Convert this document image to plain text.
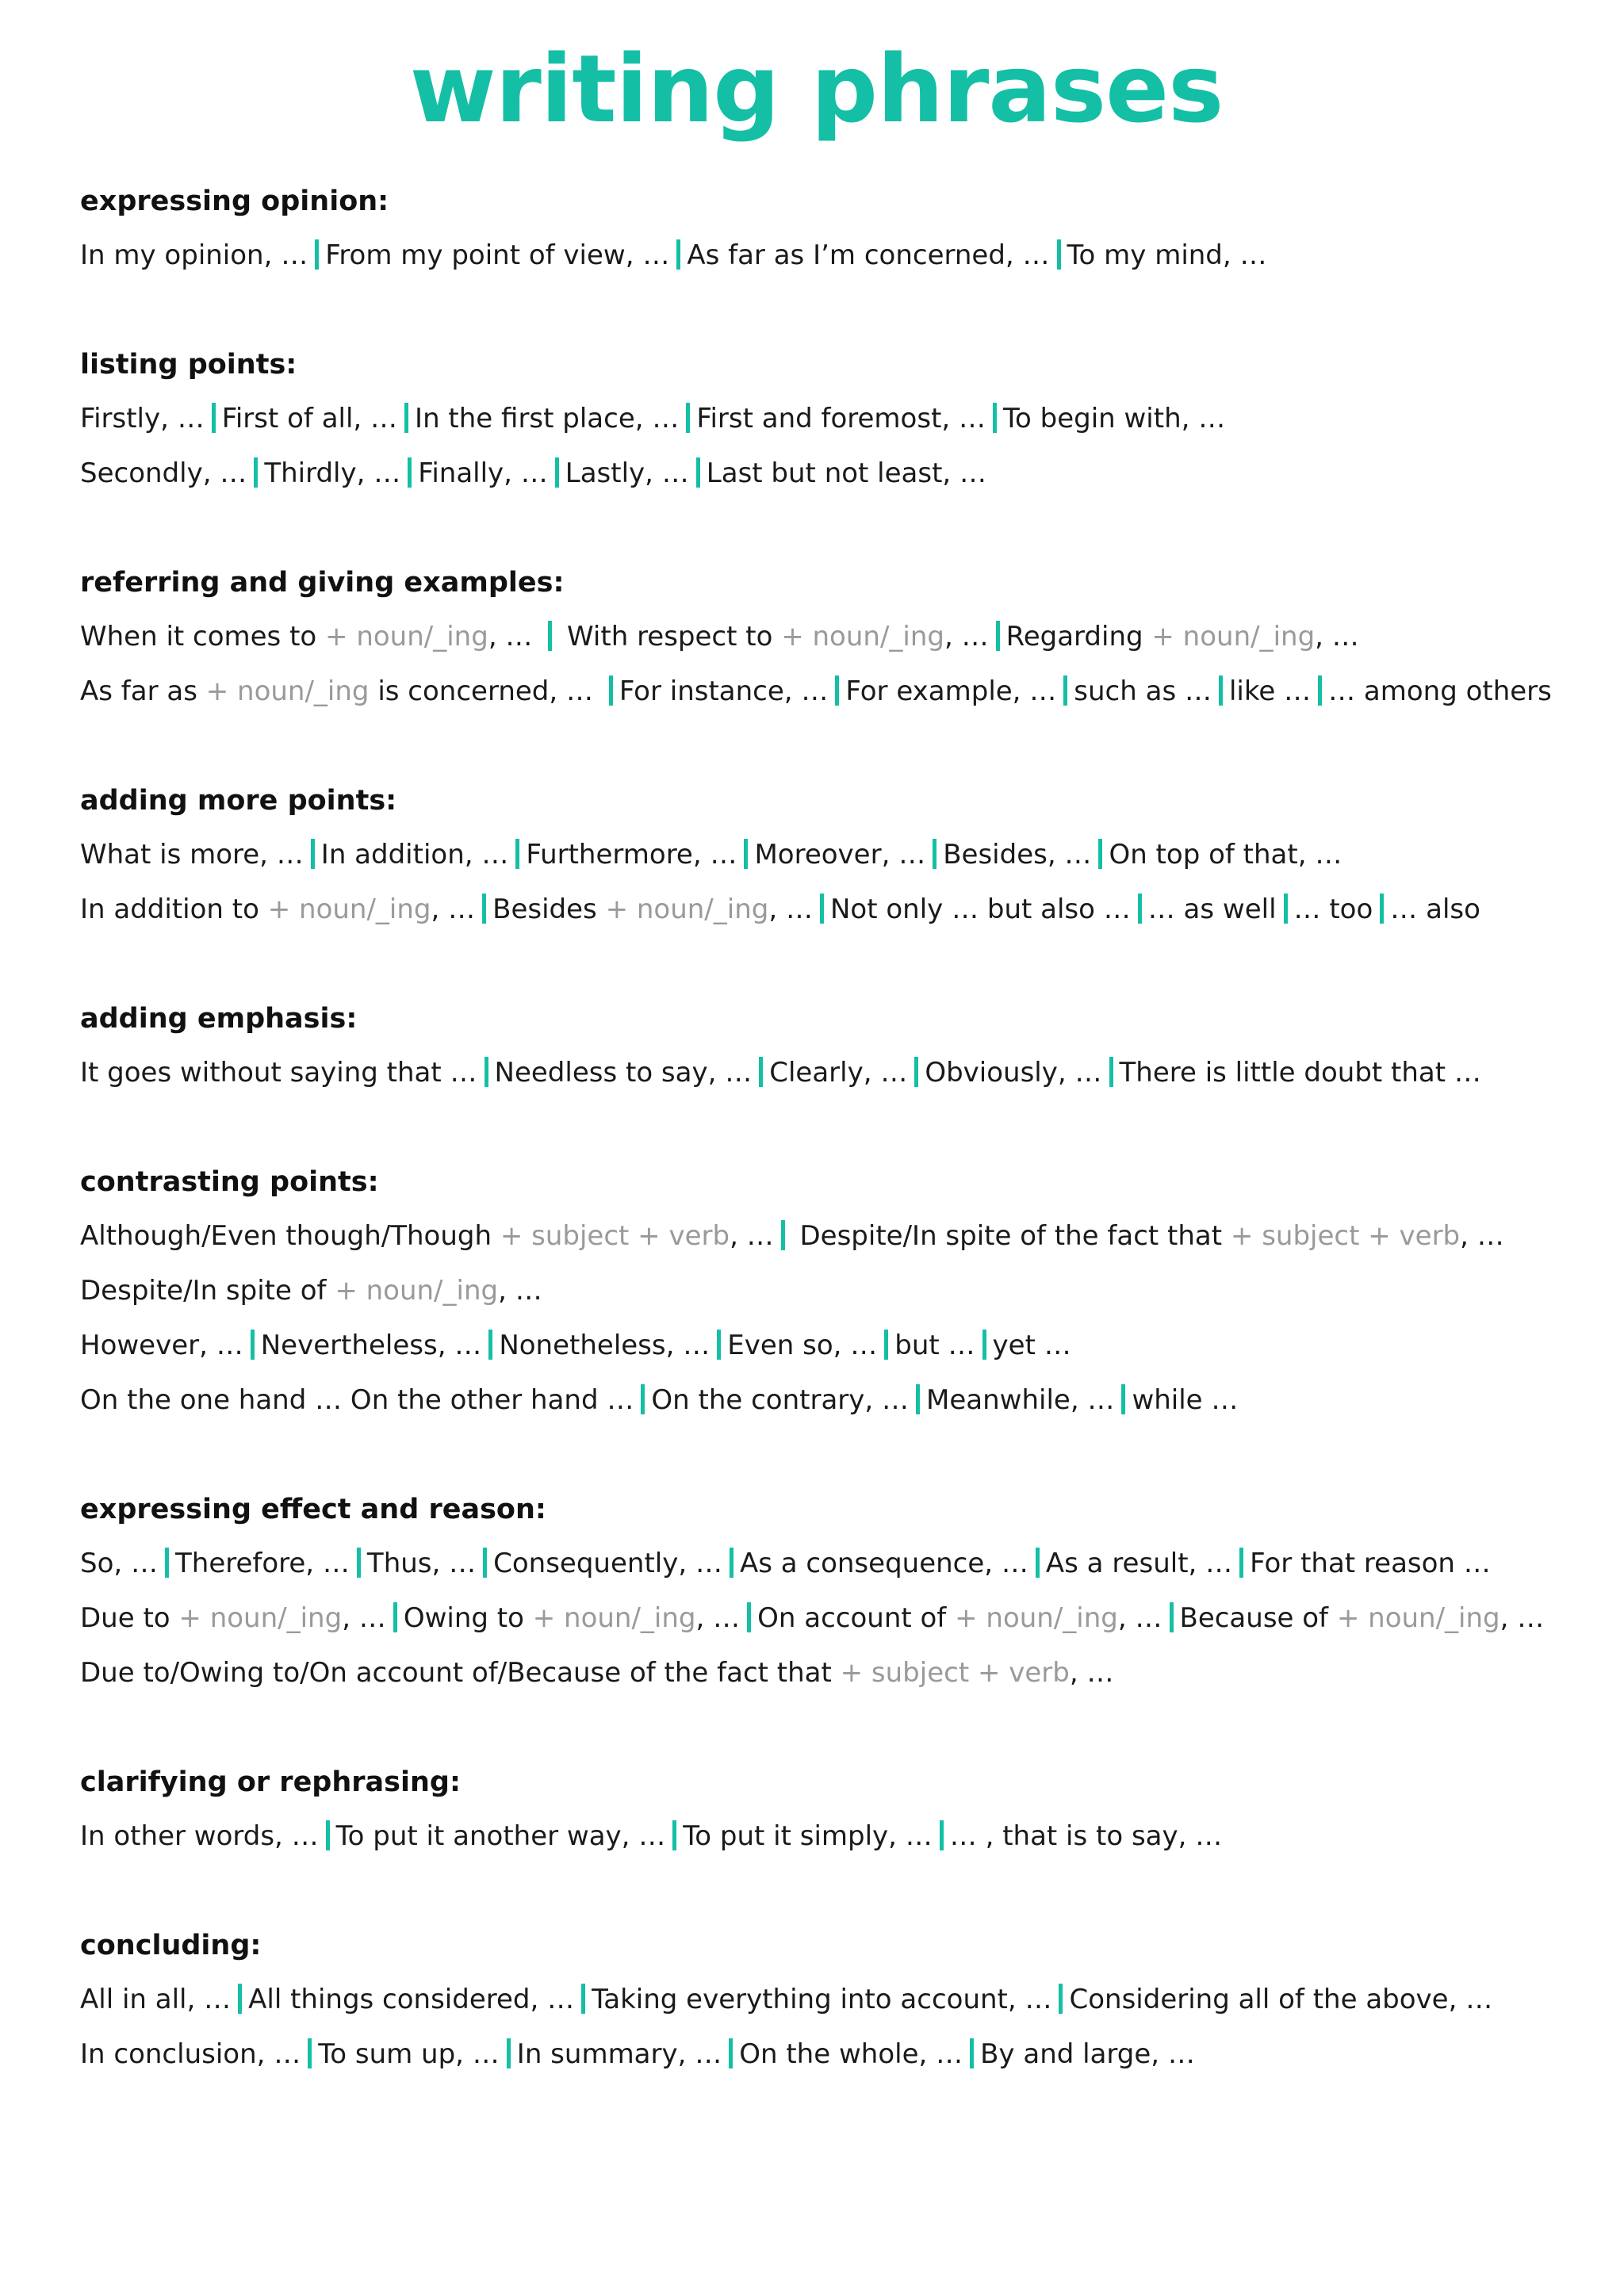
writing phrases
expressing opinion:
In my opinion, … From my point of view, … As far as I’m concerned, … To my mind, …
listing points:
Firstly, … First of all, … In the first place, … First and foremost, … To begin with, …
Secondly, … Thirdly, … Finally, … Lastly, … Last but not least, …
referring and giving examples:
When it comes to + noun/_ing, …  With respect to + noun/_ing, … Regarding + noun/_ing, …
As far as + noun/_ing is concerned, … For instance, … For example, … such as … like … … among others
adding more points:
What is more, … In addition, … Furthermore, … Moreover, … Besides, … On top of that, …
In addition to + noun/_ing, … Besides + noun/_ing, … Not only … but also … … as well … too … also
adding emphasis:
It goes without saying that … Needless to say, … Clearly, … Obviously, … There is little doubt that …
contrasting points:
Although/Even though/Though + subject + verb, … Despite/In spite of the fact that + subject + verb, …
Despite/In spite of + noun/_ing, …
However, … Nevertheless, … Nonetheless, … Even so, … but … yet …
On the one hand … On the other hand … On the contrary, … Meanwhile, … while …
expressing effect and reason:
So, … Therefore, … Thus, … Consequently, … As a consequence, … As a result, … For that reason …
Due to + noun/_ing, … Owing to + noun/_ing, … On account of + noun/_ing, … Because of + noun/_ing, …
Due to/Owing to/On account of/Because of the fact that + subject + verb, …
clarifying or rephrasing:
In other words, … To put it another way, … To put it simply, … … , that is to say, …
concluding:
All in all, … All things considered, … Taking everything into account, … Considering all of the above, …
In conclusion, … To sum up, … In summary, … On the whole, … By and large, …
